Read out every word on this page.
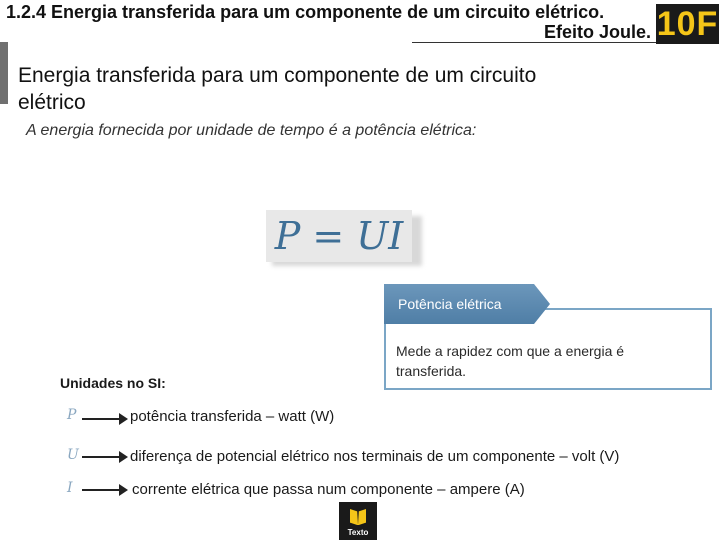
1.2.4 Energia transferida para um componente de um circuito elétrico.
Efeito Joule. 10F
Energia transferida para um componente de um circuito elétrico
A energia fornecida por unidade de tempo é a potência elétrica:
P = UI
Potência elétrica
Mede a rapidez com que a energia é transferida.
Unidades no SI:
P	potência transferida – watt (W)
U	diferença de potencial elétrico nos terminais de um componente – volt (V)
I	corrente elétrica que passa num componente – ampere (A)
Texto
